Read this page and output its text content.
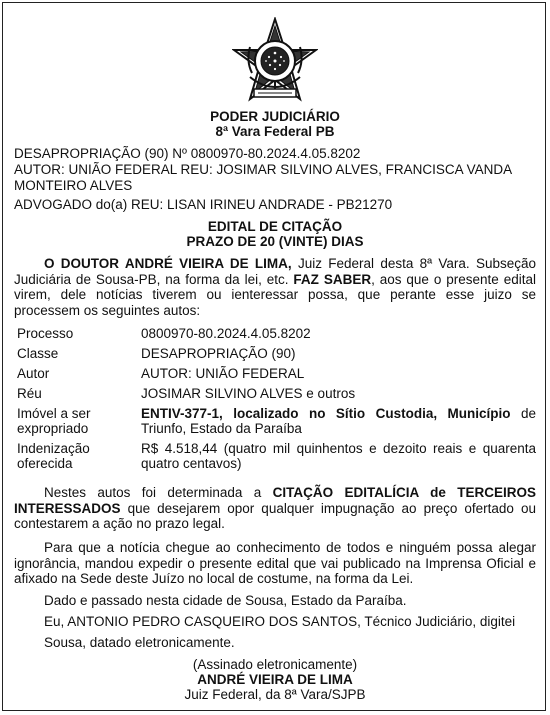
PODER JUDICIÁRIO
8ª Vara Federal PB
DESAPROPRIAÇÃO (90) Nº 0800970-80.2024.4.05.8202
AUTOR: UNIÃO FEDERAL REU: JOSIMAR SILVINO ALVES, FRANCISCA VANDA MONTEIRO ALVES
ADVOGADO do(a) REU: LISAN IRINEU ANDRADE - PB21270
EDITAL DE CITAÇÃO
PRAZO DE 20 (VINTE) DIAS
O DOUTOR ANDRÉ VIEIRA DE LIMA, Juiz Federal desta 8ª Vara. Subseção Judiciária de Sousa-PB, na forma da lei, etc. FAZ SABER, aos que o presente edital virem, dele notícias tiverem ou ienteressar possa, que perante esse juizo se processem os seguintes autos:
Processo	0800970-80.2024.4.05.8202
Classe	DESAPROPRIAÇÃO (90)
Autor	AUTOR: UNIÃO FEDERAL
Réu	JOSIMAR SILVINO ALVES e outros
Imóvel a ser expropriado	ENTIV-377-1, localizado no Sítio Custodia, Município de Triunfo, Estado da Paraíba
Indenização oferecida	R$ 4.518,44 (quatro mil quinhentos e dezoito reais e quarenta quatro centavos)
Nestes autos foi determinada a CITAÇÃO EDITALÍCIA de TERCEIROS INTERESSADOS que desejarem opor qualquer impugnação ao preço ofertado ou contestarem a ação no prazo legal.
Para que a notícia chegue ao conhecimento de todos e ninguém possa alegar ignorância, mandou expedir o presente edital que vai publicado na Imprensa Oficial e afixado na Sede deste Juízo no local de costume, na forma da Lei.
Dado e passado nesta cidade de Sousa, Estado da Paraíba.
Eu, ANTONIO PEDRO CASQUEIRO DOS SANTOS, Técnico Judiciário, digitei
Sousa, datado eletronicamente.
(Assinado eletronicamente)
ANDRÉ VIEIRA DE LIMA
Juiz Federal, da 8ª Vara/SJPB
